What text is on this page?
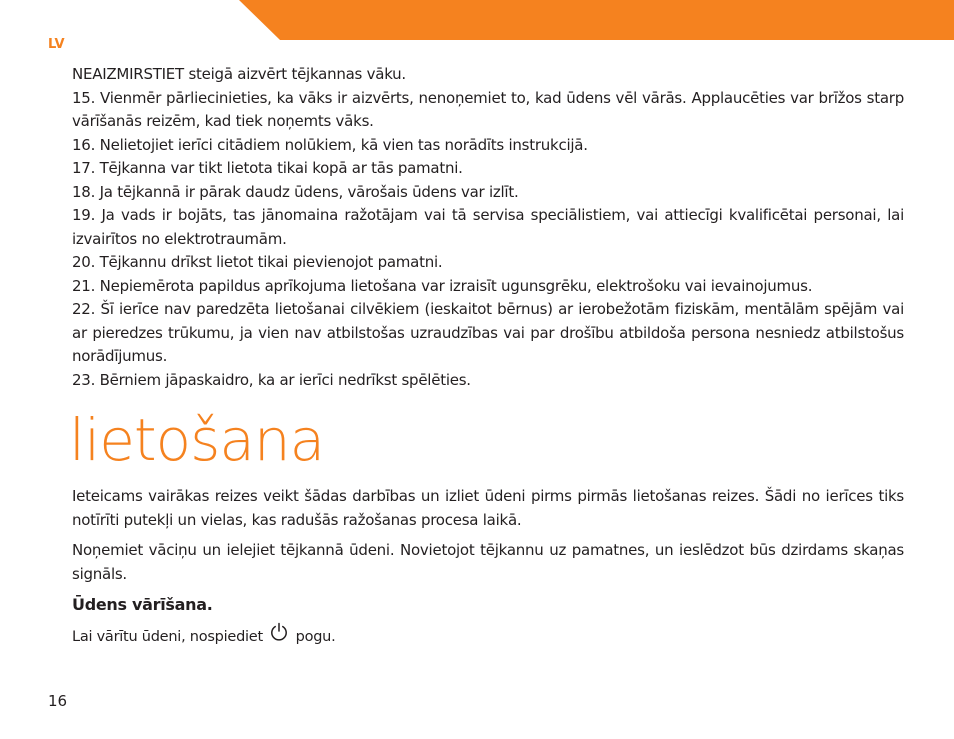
LV

NEAIZMIRSTIET steigā aizvērt tējkannas vāku.

15. Vienmēr pārliecinieties, ka vāks ir aizvērts, nenoņemiet to, kad ūdens vēl vārās. Applaucēties var brīžos starp vārīšanās reizēm, kad tiek noņemts vāks.

16. Nelietojiet ierīci citādiem nolūkiem, kā vien tas norādīts instrukcijā.

17. Tējkanna var tikt lietota tikai kopā ar tās pamatni.

18. Ja tējkannā ir pārak daudz ūdens, vārošais ūdens var izlīt.

19. Ja vads ir bojāts, tas jānomaina ražotājam vai tā servisa speciālistiem, vai attiecīgi kvalificētai personai, lai izvairītos no elektrotraumām.

20. Tējkannu drīkst lietot tikai pievienojot pamatni.

21. Nepiemērota papildus aprīkojuma lietošana var izraisīt ugunsgrēku, elektrošoku vai ievainojumus.

22. Šī ierīce nav paredzēta lietošanai cilvēkiem (ieskaitot bērnus) ar ierobežotām fiziskām, mentālām spējām vai ar pieredzes trūkumu, ja vien nav atbilstošas uzraudzības vai par drošību atbildoša persona nesniedz atbilstošus norādījumus.

23. Bērniem jāpaskaidro, ka ar ierīci nedrīkst spēlēties.

lietošana

Ieteicams vairākas reizes veikt šādas darbības un izliet ūdeni pirms pirmās lietošanas reizes. Šādi no ierīces tiks notīrīti putekļi un vielas, kas radušās ražošanas procesa laikā.

Noņemiet vāciņu un ielejiet tējkannā ūdeni. Novietojot tējkannu uz pamatnes, un ieslēdzot būs dzirdams skaņas signāls.

Ūdens vārīšana.

Lai vārītu ūdeni, nospiediet pogu.

16
